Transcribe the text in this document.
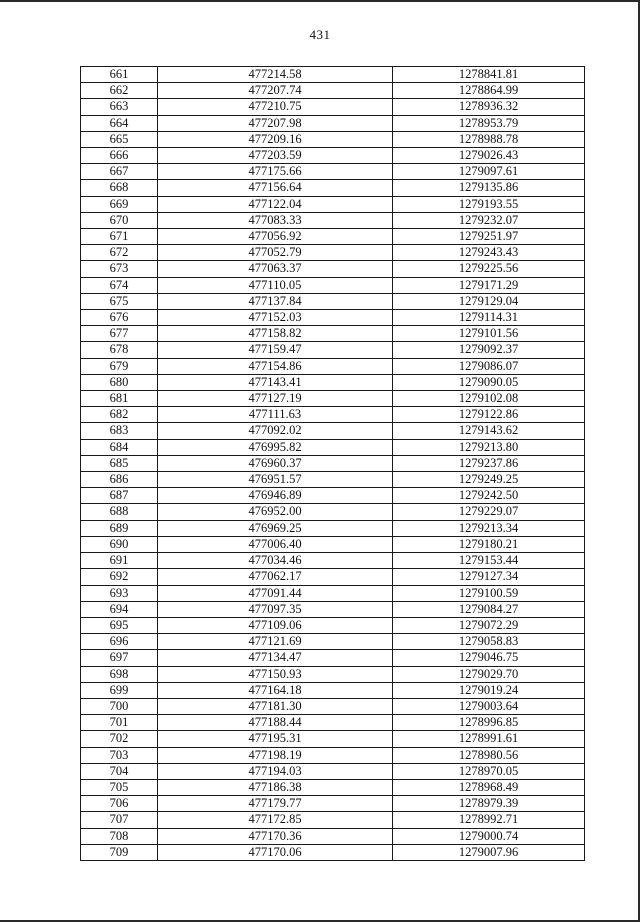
431
661	477214.58	1278841.81
662	477207.74	1278864.99
663	477210.75	1278936.32
664	477207.98	1278953.79
665	477209.16	1278988.78
666	477203.59	1279026.43
667	477175.66	1279097.61
668	477156.64	1279135.86
669	477122.04	1279193.55
670	477083.33	1279232.07
671	477056.92	1279251.97
672	477052.79	1279243.43
673	477063.37	1279225.56
674	477110.05	1279171.29
675	477137.84	1279129.04
676	477152.03	1279114.31
677	477158.82	1279101.56
678	477159.47	1279092.37
679	477154.86	1279086.07
680	477143.41	1279090.05
681	477127.19	1279102.08
682	477111.63	1279122.86
683	477092.02	1279143.62
684	476995.82	1279213.80
685	476960.37	1279237.86
686	476951.57	1279249.25
687	476946.89	1279242.50
688	476952.00	1279229.07
689	476969.25	1279213.34
690	477006.40	1279180.21
691	477034.46	1279153.44
692	477062.17	1279127.34
693	477091.44	1279100.59
694	477097.35	1279084.27
695	477109.06	1279072.29
696	477121.69	1279058.83
697	477134.47	1279046.75
698	477150.93	1279029.70
699	477164.18	1279019.24
700	477181.30	1279003.64
701	477188.44	1278996.85
702	477195.31	1278991.61
703	477198.19	1278980.56
704	477194.03	1278970.05
705	477186.38	1278968.49
706	477179.77	1278979.39
707	477172.85	1278992.71
708	477170.36	1279000.74
709	477170.06	1279007.96
